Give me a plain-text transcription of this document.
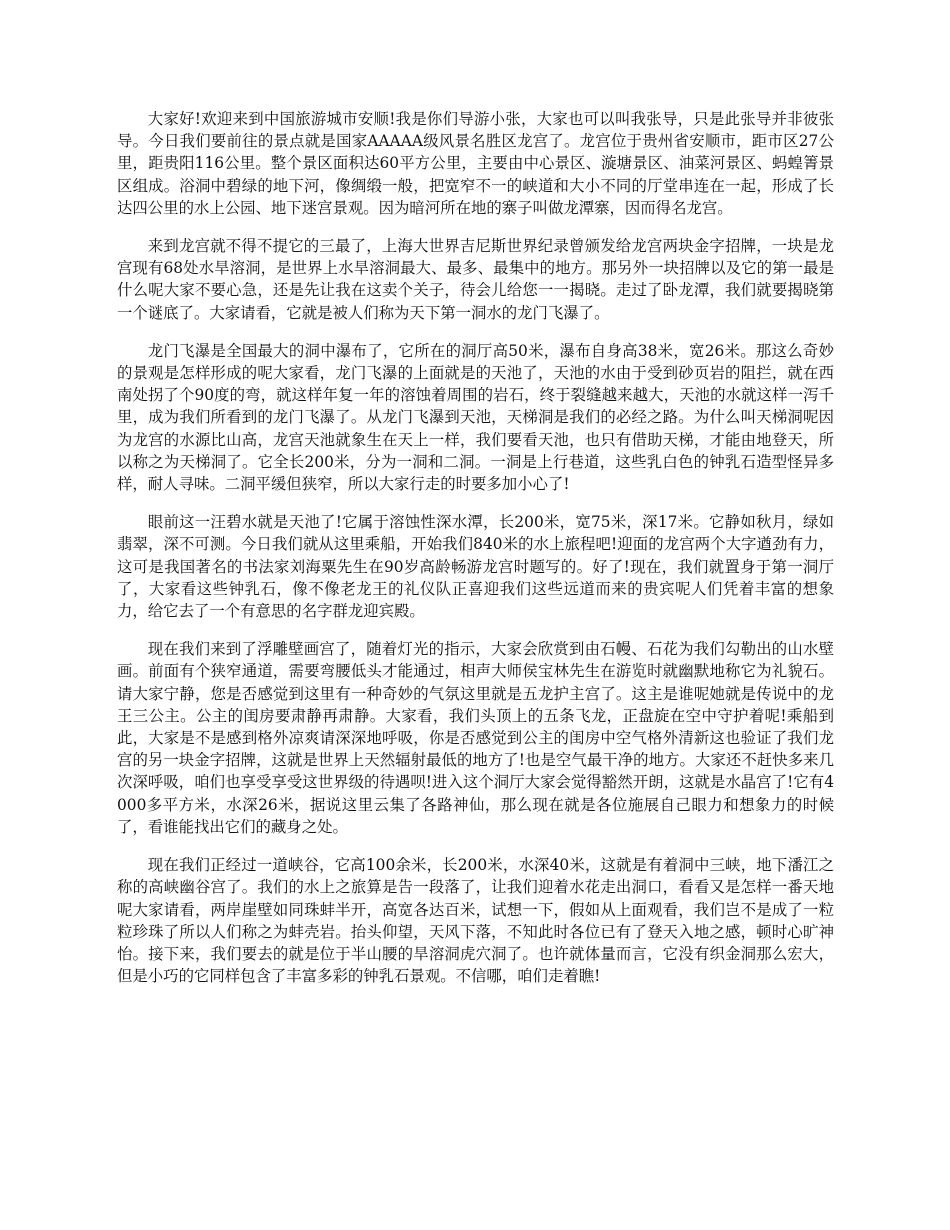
大家好!欢迎来到中国旅游城市安顺!我是你们导游小张，大家也可以叫我张导，只是此张导并非彼张导。今日我们要前往的景点就是国家AAAAA级风景名胜区龙宫了。龙宫位于贵州省安顺市，距市区27公里，距贵阳116公里。整个景区面积达60平方公里，主要由中心景区、漩塘景区、油菜河景区、蚂蝗箐景区组成。浴洞中碧绿的地下河，像绸缎一般，把宽窄不一的峡道和大小不同的厅堂串连在一起，形成了长达四公里的水上公园、地下迷宫景观。因为暗河所在地的寨子叫做龙潭寨，因而得名龙宫。

来到龙宫就不得不提它的三最了，上海大世界吉尼斯世界纪录曾颁发给龙宫两块金字招牌，一块是龙宫现有68处水旱溶洞，是世界上水旱溶洞最大、最多、最集中的地方。那另外一块招牌以及它的第一最是什么呢大家不要心急，还是先让我在这卖个关子，待会儿给您一一揭晓。走过了卧龙潭，我们就要揭晓第一个谜底了。大家请看，它就是被人们称为天下第一洞水的龙门飞瀑了。

龙门飞瀑是全国最大的洞中瀑布了，它所在的洞厅高50米，瀑布自身高38米，宽26米。那这么奇妙的景观是怎样形成的呢大家看，龙门飞瀑的上面就是的天池了，天池的水由于受到砂页岩的阻拦，就在西南处拐了个90度的弯，就这样年复一年的溶蚀着周围的岩石，终于裂缝越来越大，天池的水就这样一泻千里，成为我们所看到的龙门飞瀑了。从龙门飞瀑到天池，天梯洞是我们的必经之路。为什么叫天梯洞呢因为龙宫的水源比山高，龙宫天池就象生在天上一样，我们要看天池，也只有借助天梯，才能由地登天，所以称之为天梯洞了。它全长200米，分为一洞和二洞。一洞是上行巷道，这些乳白色的钟乳石造型怪异多样，耐人寻味。二洞平缓但狭窄，所以大家行走的时要多加小心了!

眼前这一汪碧水就是天池了!它属于溶蚀性深水潭，长200米，宽75米，深17米。它静如秋月，绿如翡翠，深不可测。今日我们就从这里乘船，开始我们840米的水上旅程吧!迎面的龙宫两个大字遒劲有力，这可是我国著名的书法家刘海粟先生在90岁高龄畅游龙宫时题写的。好了!现在，我们就置身于第一洞厅了，大家看这些钟乳石，像不像老龙王的礼仪队正喜迎我们这些远道而来的贵宾呢人们凭着丰富的想象力，给它去了一个有意思的名字群龙迎宾殿。

现在我们来到了浮雕壁画宫了，随着灯光的指示，大家会欣赏到由石幔、石花为我们勾勒出的山水壁画。前面有个狭窄通道，需要弯腰低头才能通过，相声大师侯宝林先生在游览时就幽默地称它为礼貌石。请大家宁静，您是否感觉到这里有一种奇妙的气氛这里就是五龙护主宫了。这主是谁呢她就是传说中的龙王三公主。公主的闺房要肃静再肃静。大家看，我们头顶上的五条飞龙，正盘旋在空中守护着呢!乘船到此，大家是不是感到格外凉爽请深深地呼吸，你是否感觉到公主的闺房中空气格外清新这也验证了我们龙宫的另一块金字招牌，这就是世界上天然辐射最低的地方了!也是空气最干净的地方。大家还不赶快多来几次深呼吸，咱们也享受享受这世界级的待遇呗!进入这个洞厅大家会觉得豁然开朗，这就是水晶宫了!它有4000多平方米，水深26米，据说这里云集了各路神仙，那么现在就是各位施展自己眼力和想象力的时候了，看谁能找出它们的藏身之处。

现在我们正经过一道峡谷，它高100余米，长200米，水深40米，这就是有着洞中三峡，地下潘江之称的高峡幽谷宫了。我们的水上之旅算是告一段落了，让我们迎着水花走出洞口，看看又是怎样一番天地呢大家请看，两岸崖壁如同珠蚌半开，高宽各达百米，试想一下，假如从上面观看，我们岂不是成了一粒粒珍珠了所以人们称之为蚌壳岩。抬头仰望，天风下落，不知此时各位已有了登天入地之感，顿时心旷神怡。接下来，我们要去的就是位于半山腰的旱溶洞虎穴洞了。也许就体量而言，它没有织金洞那么宏大，但是小巧的它同样包含了丰富多彩的钟乳石景观。不信哪，咱们走着瞧!
